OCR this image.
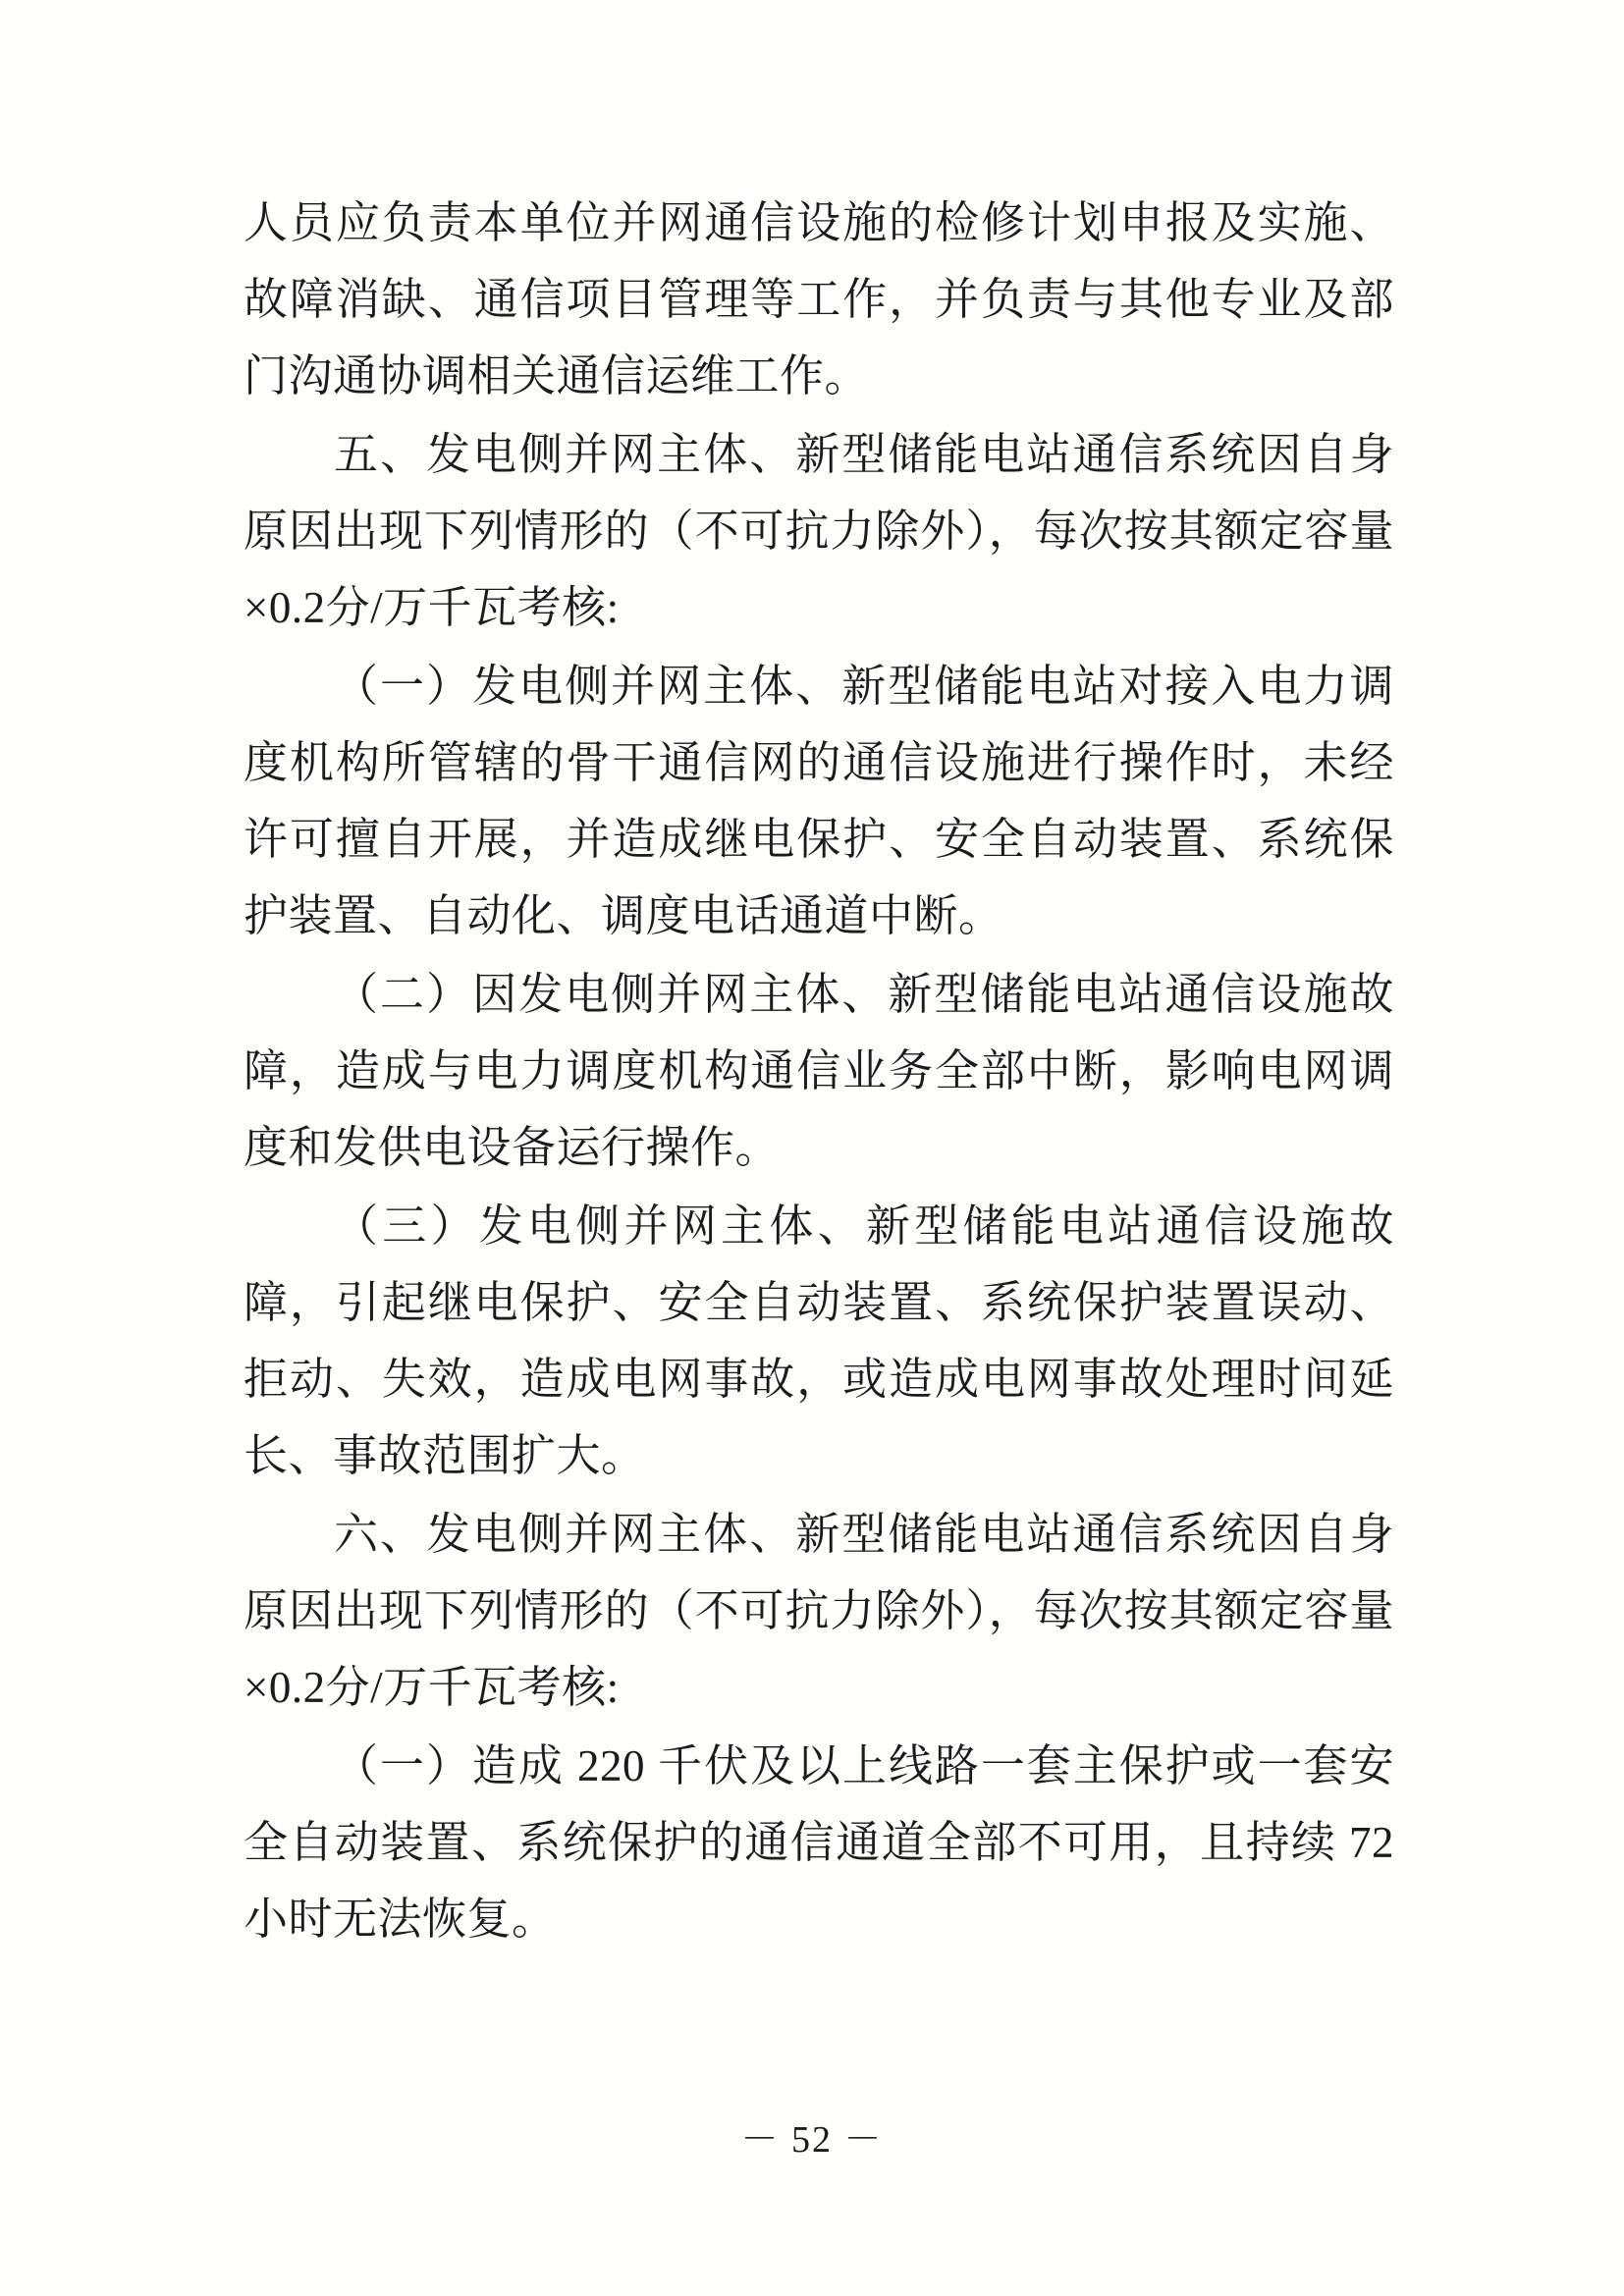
人员应负责本单位并网通信设施的检修计划申报及实施、故障消缺、通信项目管理等工作，并负责与其他专业及部门沟通协调相关通信运维工作。

五、发电侧并网主体、新型储能电站通信系统因自身原因出现下列情形的（不可抗力除外），每次按其额定容量×0.2分/万千瓦考核:

（一）发电侧并网主体、新型储能电站对接入电力调度机构所管辖的骨干通信网的通信设施进行操作时，未经许可擅自开展，并造成继电保护、安全自动装置、系统保护装置、自动化、调度电话通道中断。

（二）因发电侧并网主体、新型储能电站通信设施故障，造成与电力调度机构通信业务全部中断，影响电网调度和发供电设备运行操作。

（三）发电侧并网主体、新型储能电站通信设施故障，引起继电保护、安全自动装置、系统保护装置误动、拒动、失效，造成电网事故，或造成电网事故处理时间延长、事故范围扩大。

六、发电侧并网主体、新型储能电站通信系统因自身原因出现下列情形的（不可抗力除外），每次按其额定容量×0.2分/万千瓦考核:

（一）造成 220 千伏及以上线路一套主保护或一套安全自动装置、系统保护的通信通道全部不可用，且持续 72 小时无法恢复。

－ 52 －
